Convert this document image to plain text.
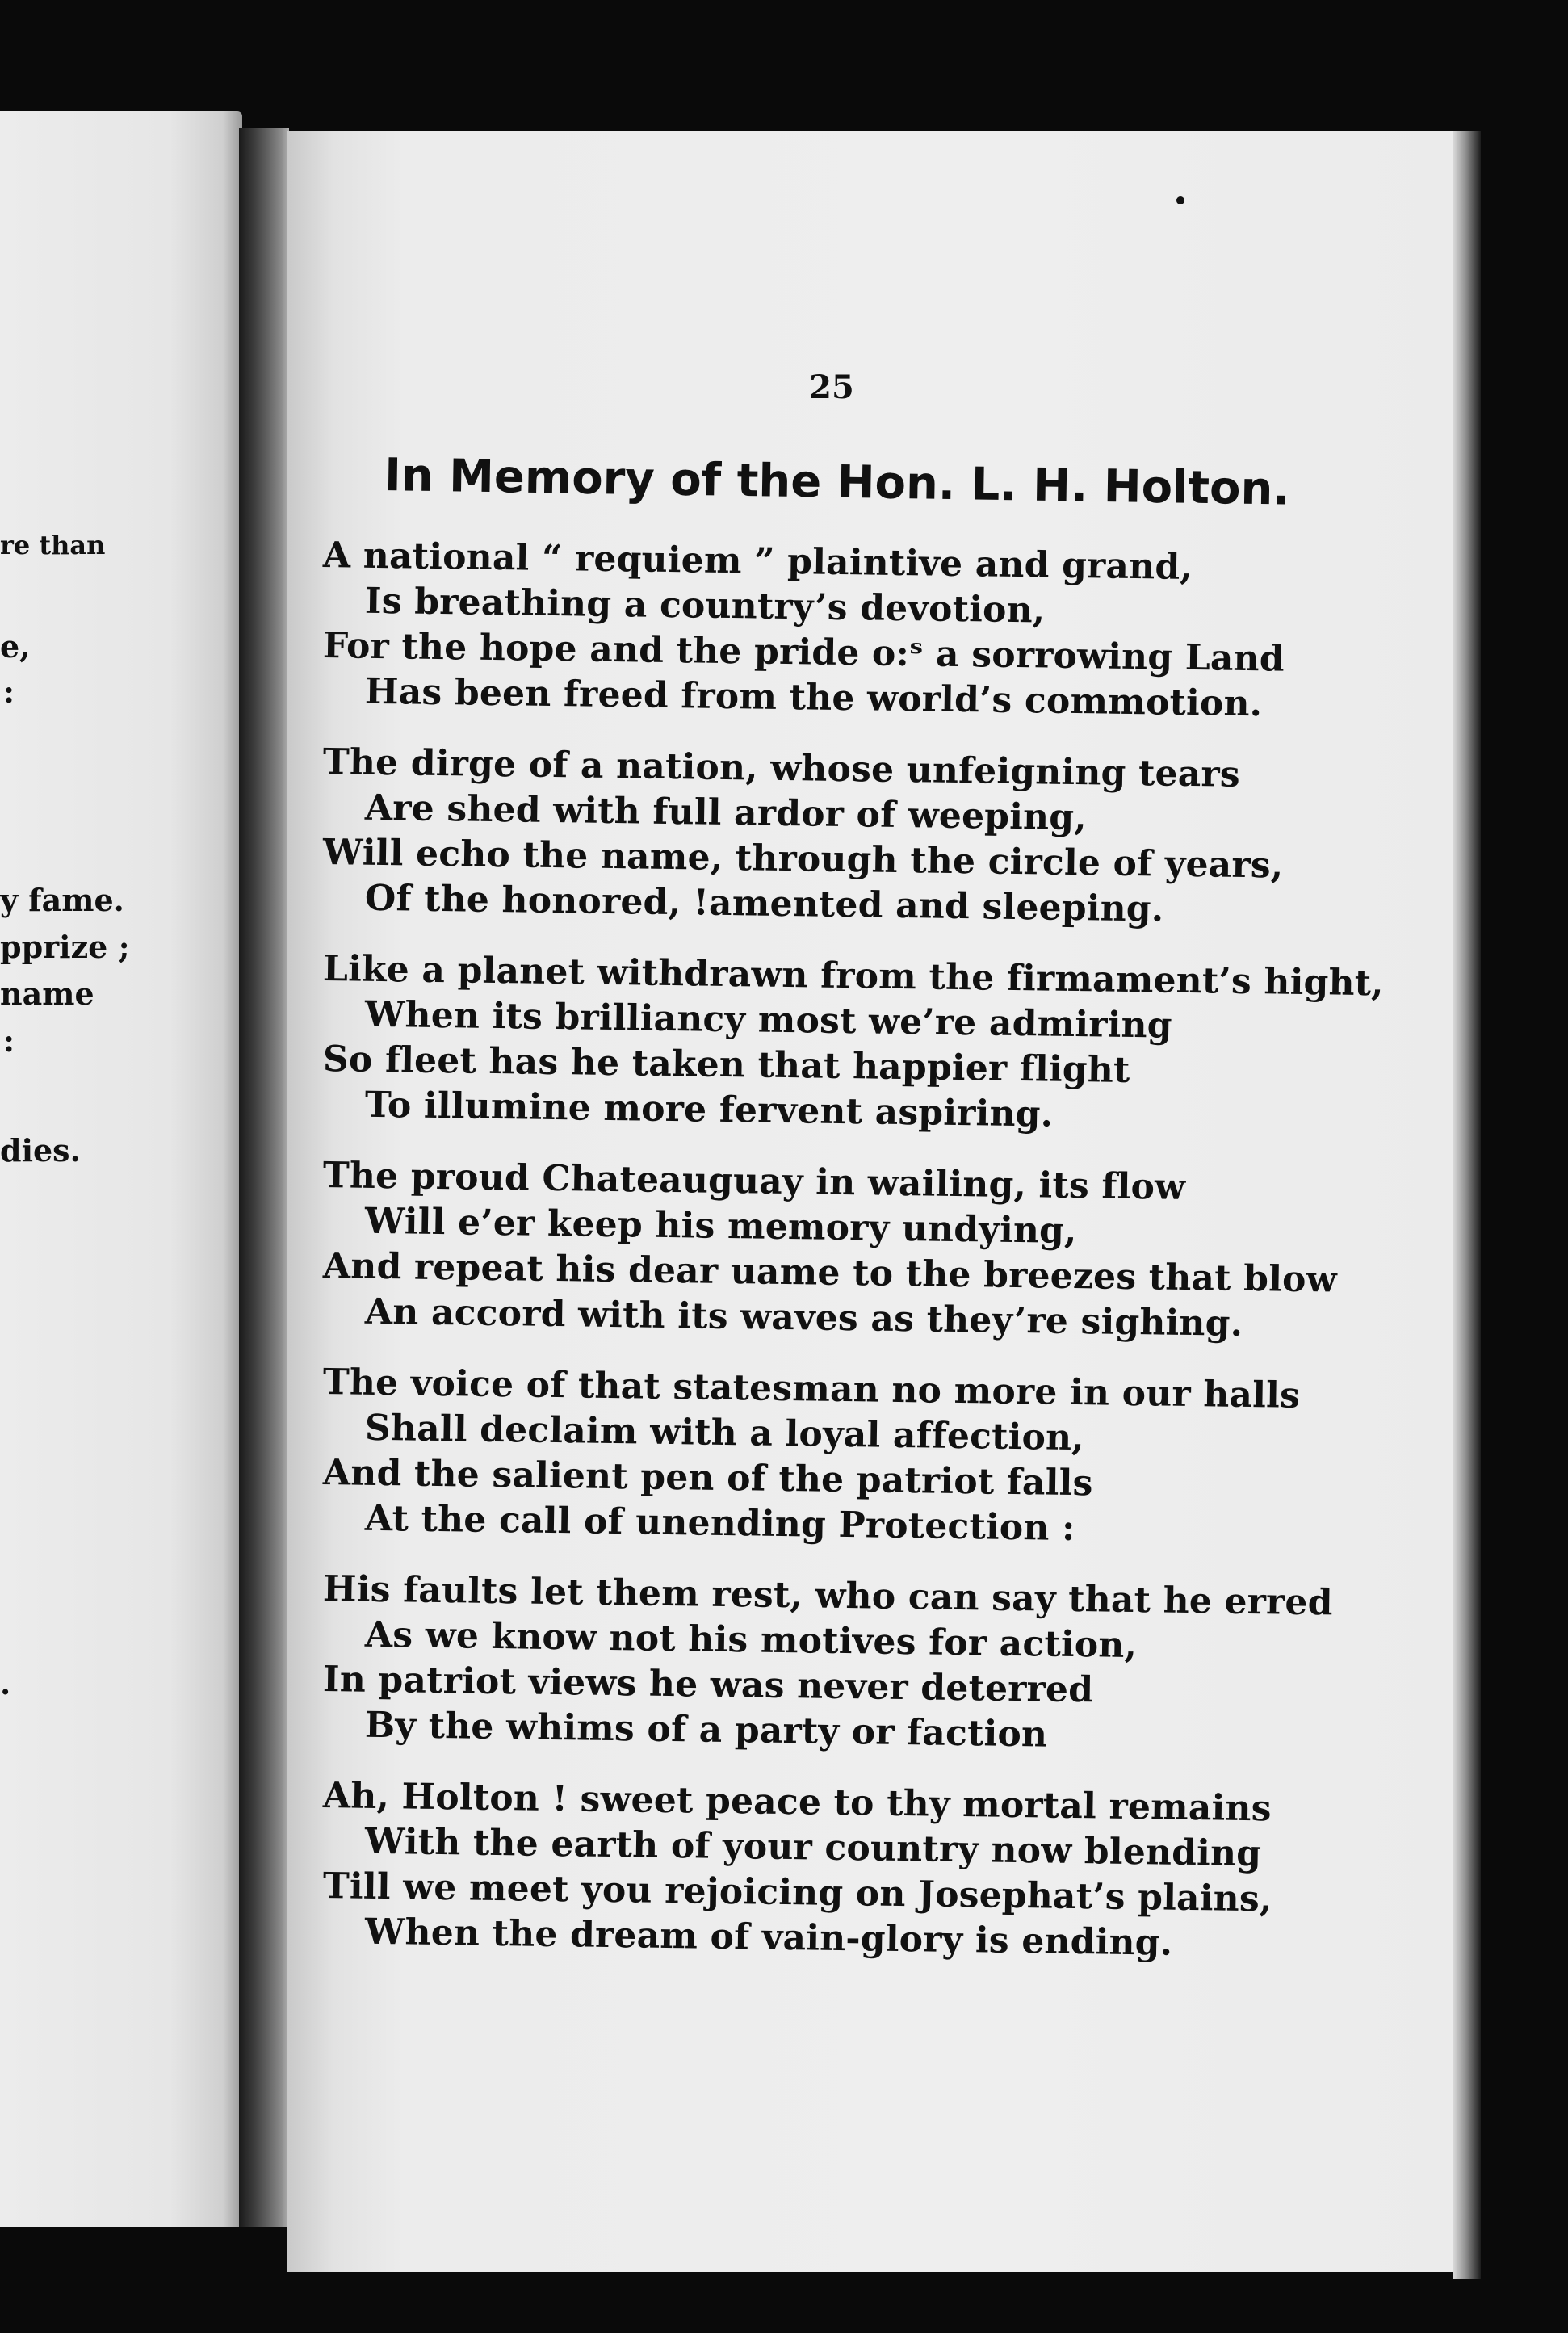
re than
e,
:
y fame.
pprize ;
name
:
dies.
.
25
In Memory of the Hon. L. H. Holton.
A national “ requiem ” plaintive and grand,
Is breathing a country’s devotion,
For the hope and the pride o:ˢ a sorrowing Land
Has been freed from the world’s commotion.
The dirge of a nation, whose unfeigning tears
Are shed with full ardor of weeping,
Will echo the name, through the circle of years,
Of the honored, !amented and sleeping.
Like a planet withdrawn from the firmament’s hight,
When its brilliancy most we’re admiring
So fleet has he taken that happier flight
To illumine more fervent aspiring.
The proud Chateauguay in wailing, its flow
Will e’er keep his memory undying,
And repeat his dear uame to the breezes that blow
An accord with its waves as they’re sighing.
The voice of that statesman no more in our halls
Shall declaim with a loyal affection,
And the salient pen of the patriot falls
At the call of unending Protection :
His faults let them rest, who can say that he erred
As we know not his motives for action,
In patriot views he was never deterred
By the whims of a party or faction
Ah, Holton ! sweet peace to thy mortal remains
With the earth of your country now blending
Till we meet you rejoicing on Josephat’s plains,
When the dream of vain-glory is ending.
